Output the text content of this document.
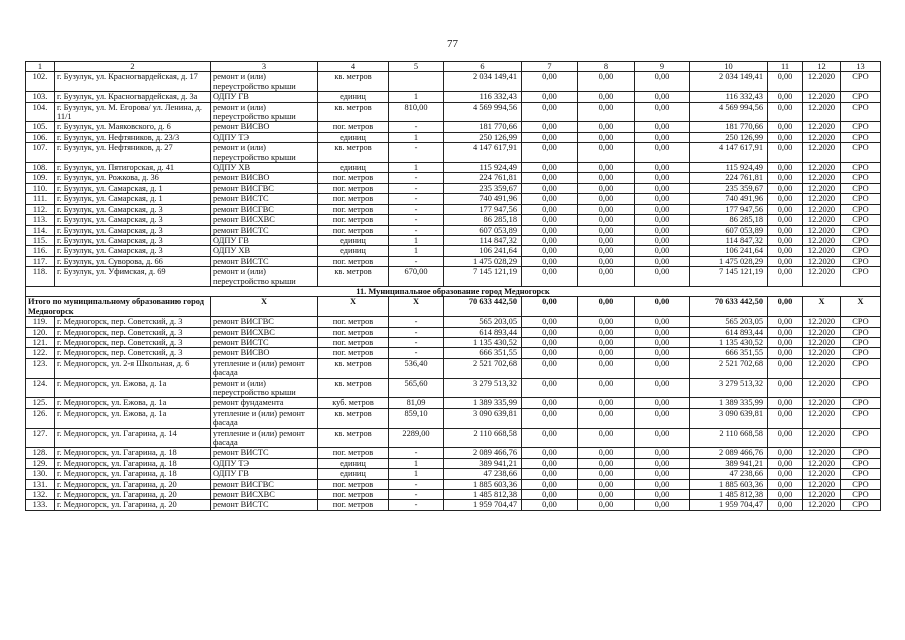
77
1	2	3	4	5	6	7	8	9	10	11	12	13
102.	г. Бузулук, ул. Красногвардейская, д. 17	ремонт и (или) переустройство крыши	кв. метров		2 034 149,41	0,00	0,00	0,00	2 034 149,41	0,00	12.2020	СРО
103.	г. Бузулук, ул. Красногвардейская, д. 3а	ОДПУ ГВ	единиц	1	116 332,43	0,00	0,00	0,00	116 332,43	0,00	12.2020	СРО
104.	г. Бузулук, ул. М. Егорова/ ул. Ленина, д. 11/1	ремонт и (или) переустройство крыши	кв. метров	810,00	4 569 994,56	0,00	0,00	0,00	4 569 994,56	0,00	12.2020	СРО
105.	г. Бузулук, ул. Маяковского, д. 6	ремонт ВИСВО	пог. метров	-	181 770,66	0,00	0,00	0,00	181 770,66	0,00	12.2020	СРО
106.	г. Бузулук, ул. Нефтяников, д. 23/3	ОДПУ ТЭ	единиц	1	250 126,99	0,00	0,00	0,00	250 126,99	0,00	12.2020	СРО
107.	г. Бузулук, ул. Нефтяников, д. 27	ремонт и (или) переустройство крыши	кв. метров	-	4 147 617,91	0,00	0,00	0,00	4 147 617,91	0,00	12.2020	СРО
108.	г. Бузулук, ул. Пятигорская, д. 41	ОДПУ ХВ	единиц	1	115 924,49	0,00	0,00	0,00	115 924,49	0,00	12.2020	СРО
109.	г. Бузулук, ул. Рожкова, д. 36	ремонт ВИСВО	пог. метров	-	224 761,81	0,00	0,00	0,00	224 761,81	0,00	12.2020	СРО
110.	г. Бузулук, ул. Самарская, д. 1	ремонт ВИСГВС	пог. метров	-	235 359,67	0,00	0,00	0,00	235 359,67	0,00	12.2020	СРО
111.	г. Бузулук, ул. Самарская, д. 1	ремонт ВИСТС	пог. метров	-	740 491,96	0,00	0,00	0,00	740 491,96	0,00	12.2020	СРО
112.	г. Бузулук, ул. Самарская, д. 3	ремонт ВИСГВС	пог. метров	-	177 947,56	0,00	0,00	0,00	177 947,56	0,00	12.2020	СРО
113.	г. Бузулук, ул. Самарская, д. 3	ремонт ВИСХВС	пог. метров	-	86 285,18	0,00	0,00	0,00	86 285,18	0,00	12.2020	СРО
114.	г. Бузулук, ул. Самарская, д. 3	ремонт ВИСТС	пог. метров	-	607 053,89	0,00	0,00	0,00	607 053,89	0,00	12.2020	СРО
115.	г. Бузулук, ул. Самарская, д. 3	ОДПУ ГВ	единиц	1	114 847,32	0,00	0,00	0,00	114 847,32	0,00	12.2020	СРО
116.	г. Бузулук, ул. Самарская, д. 3	ОДПУ ХВ	единиц	1	106 241,64	0,00	0,00	0,00	106 241,64	0,00	12.2020	СРО
117.	г. Бузулук, ул. Суворова, д. 66	ремонт ВИСТС	пог. метров	-	1 475 028,29	0,00	0,00	0,00	1 475 028,29	0,00	12.2020	СРО
118.	г. Бузулук, ул. Уфимская, д. 69	ремонт и (или) переустройство крыши	кв. метров	670,00	7 145 121,19	0,00	0,00	0,00	7 145 121,19	0,00	12.2020	СРО
11. Муниципальное образование город Медногорск												
Итого по муниципальному образованию город Медногорск		X	X	X	70 633 442,50	0,00	0,00	0,00	70 633 442,50	0,00	X	X
119.	г. Медногорск, пер. Советский, д. 3	ремонт ВИСГВС	пог. метров	-	565 203,05	0,00	0,00	0,00	565 203,05	0,00	12.2020	СРО
120.	г. Медногорск, пер. Советский, д. 3	ремонт ВИСХВС	пог. метров	-	614 893,44	0,00	0,00	0,00	614 893,44	0,00	12.2020	СРО
121.	г. Медногорск, пер. Советский, д. 3	ремонт ВИСТС	пог. метров	-	1 135 430,52	0,00	0,00	0,00	1 135 430,52	0,00	12.2020	СРО
122.	г. Медногорск, пер. Советский, д. 3	ремонт ВИСВО	пог. метров	-	666 351,55	0,00	0,00	0,00	666 351,55	0,00	12.2020	СРО
123.	г. Медногорск, ул. 2-я Школьная, д. 6	утепление и (или) ремонт фасада	кв. метров	536,40	2 521 702,68	0,00	0,00	0,00	2 521 702,68	0,00	12.2020	СРО
124.	г. Медногорск, ул. Ежова, д. 1а	ремонт и (или) переустройство крыши	кв. метров	565,60	3 279 513,32	0,00	0,00	0,00	3 279 513,32	0,00	12.2020	СРО
125.	г. Медногорск, ул. Ежова, д. 1а	ремонт фундамента	куб. метров	81,09	1 389 335,99	0,00	0,00	0,00	1 389 335,99	0,00	12.2020	СРО
126.	г. Медногорск, ул. Ежова, д. 1а	утепление и (или) ремонт фасада	кв. метров	859,10	3 090 639,81	0,00	0,00	0,00	3 090 639,81	0,00	12.2020	СРО
127.	г. Медногорск, ул. Гагарина, д. 14	утепление и (или) ремонт фасада	кв. метров	2289,00	2 110 668,58	0,00	0,00	0,00	2 110 668,58	0,00	12.2020	СРО
128.	г. Медногорск, ул. Гагарина, д. 18	ремонт ВИСТС	пог. метров	-	2 089 466,76	0,00	0,00	0,00	2 089 466,76	0,00	12.2020	СРО
129.	г. Медногорск, ул. Гагарина, д. 18	ОДПУ ТЭ	единиц	1	389 941,21	0,00	0,00	0,00	389 941,21	0,00	12.2020	СРО
130.	г. Медногорск, ул. Гагарина, д. 18	ОДПУ ГВ	единиц	1	47 238,66	0,00	0,00	0,00	47 238,66	0,00	12.2020	СРО
131.	г. Медногорск, ул. Гагарина, д. 20	ремонт ВИСГВС	пог. метров	-	1 885 603,36	0,00	0,00	0,00	1 885 603,36	0,00	12.2020	СРО
132.	г. Медногорск, ул. Гагарина, д. 20	ремонт ВИСХВС	пог. метров	-	1 485 812,38	0,00	0,00	0,00	1 485 812,38	0,00	12.2020	СРО
133.	г. Медногорск, ул. Гагарина, д. 20	ремонт ВИСТС	пог. метров	-	1 959 704,47	0,00	0,00	0,00	1 959 704,47	0,00	12.2020	СРО
